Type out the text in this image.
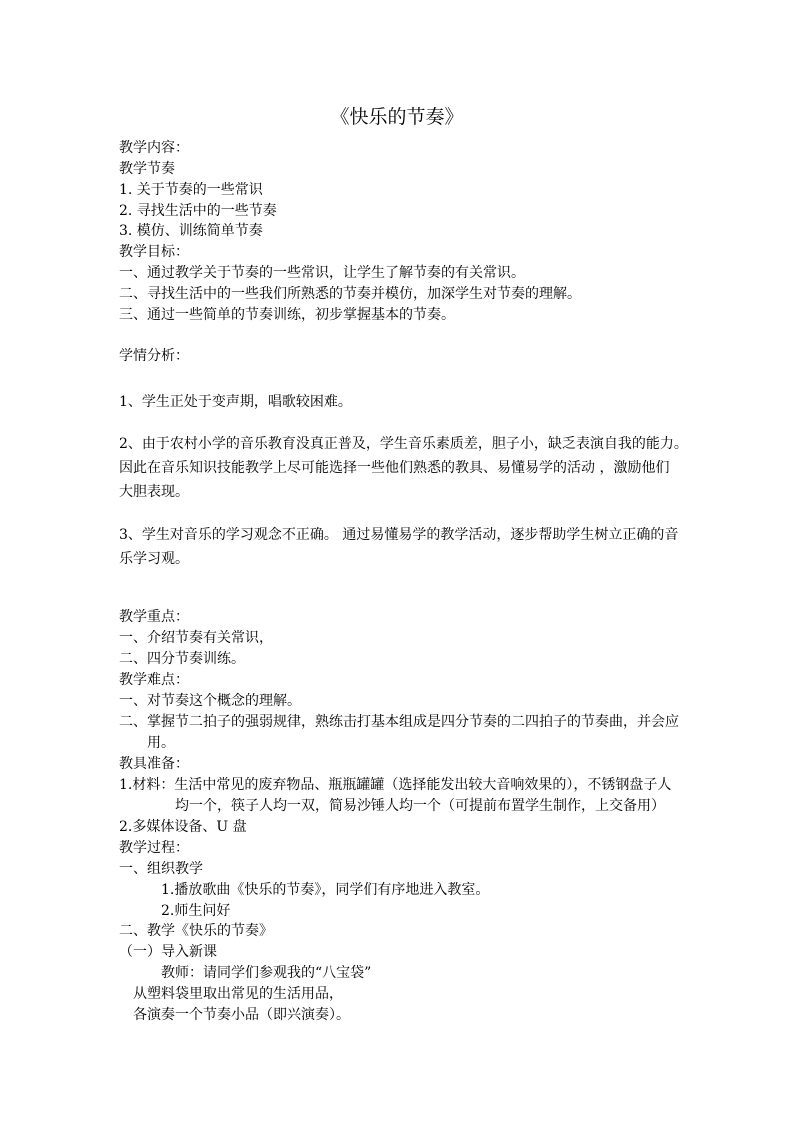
《快乐的节奏》
教学内容：
教学节奏
1. 关于节奏的一些常识
2. 寻找生活中的一些节奏
3. 模仿、训练简单节奏
教学目标：
一、通过教学关于节奏的一些常识，让学生了解节奏的有关常识。
二、寻找生活中的一些我们所熟悉的节奏并模仿，加深学生对节奏的理解。
三、通过一些简单的节奏训练，初步掌握基本的节奏。
学情分析：
1、学生正处于变声期，唱歌较困难。
2、由于农村小学的音乐教育没真正普及，学生音乐素质差，胆子小，缺乏表演自我的能力。
因此在音乐知识技能教学上尽可能选择一些他们熟悉的教具、易懂易学的活动 ，激励他们
大胆表现。
3、学生对音乐的学习观念不正确。 通过易懂易学的教学活动，逐步帮助学生树立正确的音
乐学习观。
教学重点：
一、介绍节奏有关常识，
二、四分节奏训练。
教学难点：
一、对节奏这个概念的理解。
二、掌握节二拍子的强弱规律，熟练击打基本组成是四分节奏的二四拍子的节奏曲，并会应
用。
教具准备：
1.材料：生活中常见的废弃物品、瓶瓶罐罐（选择能发出较大音响效果的），不锈钢盘子人
均一个，筷子人均一双，简易沙锤人均一个（可提前布置学生制作，上交备用）
2.多媒体设备、U 盘
教学过程：
一、组织教学
1.播放歌曲《快乐的节奏》，同学们有序地进入教室。
2.师生问好
二、教学《快乐的节奏》
（一）导入新课
教师：请同学们参观我的“八宝袋”
从塑料袋里取出常见的生活用品，
各演奏一个节奏小品（即兴演奏）。
